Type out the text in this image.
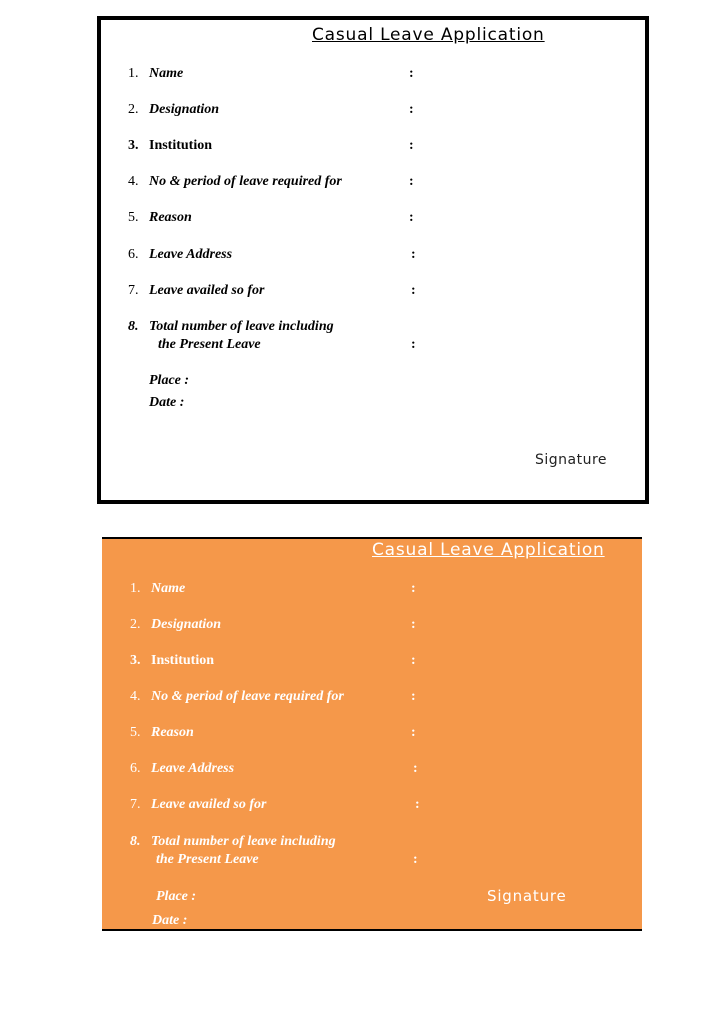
Casual Leave Application
1. Name	:
2. Designation	:
3. Institution	:
4. No & period of leave required for	:
5. Reason	:
6. Leave Address	:
7. Leave availed so for	:
8. Total number of leave including
the Present Leave	:
Place :
Date :
Signature
Casual Leave Application
1. Name	:
2. Designation	:
3. Institution	:
4. No & period of leave required for	:
5. Reason	:
6. Leave Address	:
7. Leave availed so for	:
8. Total number of leave including
the Present Leave	:
Place :
Date :
Signature
